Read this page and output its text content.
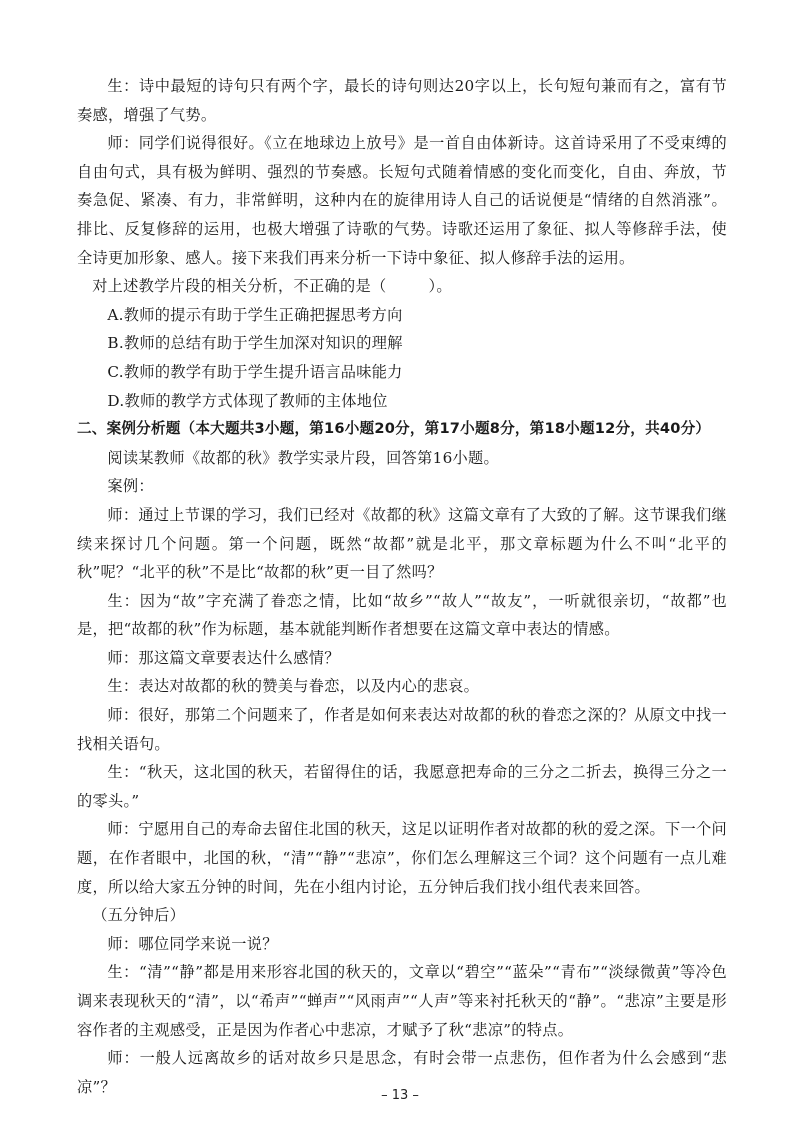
生：诗中最短的诗句只有两个字，最长的诗句则达20字以上，长句短句兼而有之，富有节奏感，增强了气势。

师：同学们说得很好。《立在地球边上放号》是一首自由体新诗。这首诗采用了不受束缚的自由句式，具有极为鲜明、强烈的节奏感。长短句式随着情感的变化而变化，自由、奔放，节奏急促、紧凑、有力，非常鲜明，这种内在的旋律用诗人自己的话说便是“情绪的自然消涨”。排比、反复修辞的运用，也极大增强了诗歌的气势。诗歌还运用了象征、拟人等修辞手法，使全诗更加形象、感人。接下来我们再来分析一下诗中象征、拟人修辞手法的运用。

对上述教学片段的相关分析，不正确的是（	）。

A.教师的提示有助于学生正确把握思考方向

B.教师的总结有助于学生加深对知识的理解

C.教师的教学有助于学生提升语言品味能力

D.教师的教学方式体现了教师的主体地位

二、案例分析题（本大题共3小题，第16小题20分，第17小题8分，第18小题12分，共40分）

阅读某教师《故都的秋》教学实录片段，回答第16小题。

案例：

师：通过上节课的学习，我们已经对《故都的秋》这篇文章有了大致的了解。这节课我们继续来探讨几个问题。第一个问题，既然“故都”就是北平，那文章标题为什么不叫“北平的秋”呢？“北平的秋”不是比“故都的秋”更一目了然吗？

生：因为“故”字充满了眷恋之情，比如“故乡”“故人”“故友”，一听就很亲切，“故都”也是，把“故都的秋”作为标题，基本就能判断作者想要在这篇文章中表达的情感。

师：那这篇文章要表达什么感情？

生：表达对故都的秋的赞美与眷恋，以及内心的悲哀。

师：很好，那第二个问题来了，作者是如何来表达对故都的秋的眷恋之深的？从原文中找一找相关语句。

生：“秋天，这北国的秋天，若留得住的话，我愿意把寿命的三分之二折去，换得三分之一的零头。”

师：宁愿用自己的寿命去留住北国的秋天，这足以证明作者对故都的秋的爱之深。下一个问题，在作者眼中，北国的秋，“清”“静”“悲凉”，你们怎么理解这三个词？这个问题有一点儿难度，所以给大家五分钟的时间，先在小组内讨论，五分钟后我们找小组代表来回答。

（五分钟后）

师：哪位同学来说一说？

生：“清”“静”都是用来形容北国的秋天的，文章以“碧空”“蓝朵”“青布”“淡绿微黄”等冷色调来表现秋天的“清”，以“希声”“蝉声”“风雨声”“人声”等来衬托秋天的“静”。“悲凉”主要是形容作者的主观感受，正是因为作者心中悲凉，才赋予了秋“悲凉”的特点。

师：一般人远离故乡的话对故乡只是思念，有时会带一点悲伤，但作者为什么会感到“悲凉”？	– 13 –
